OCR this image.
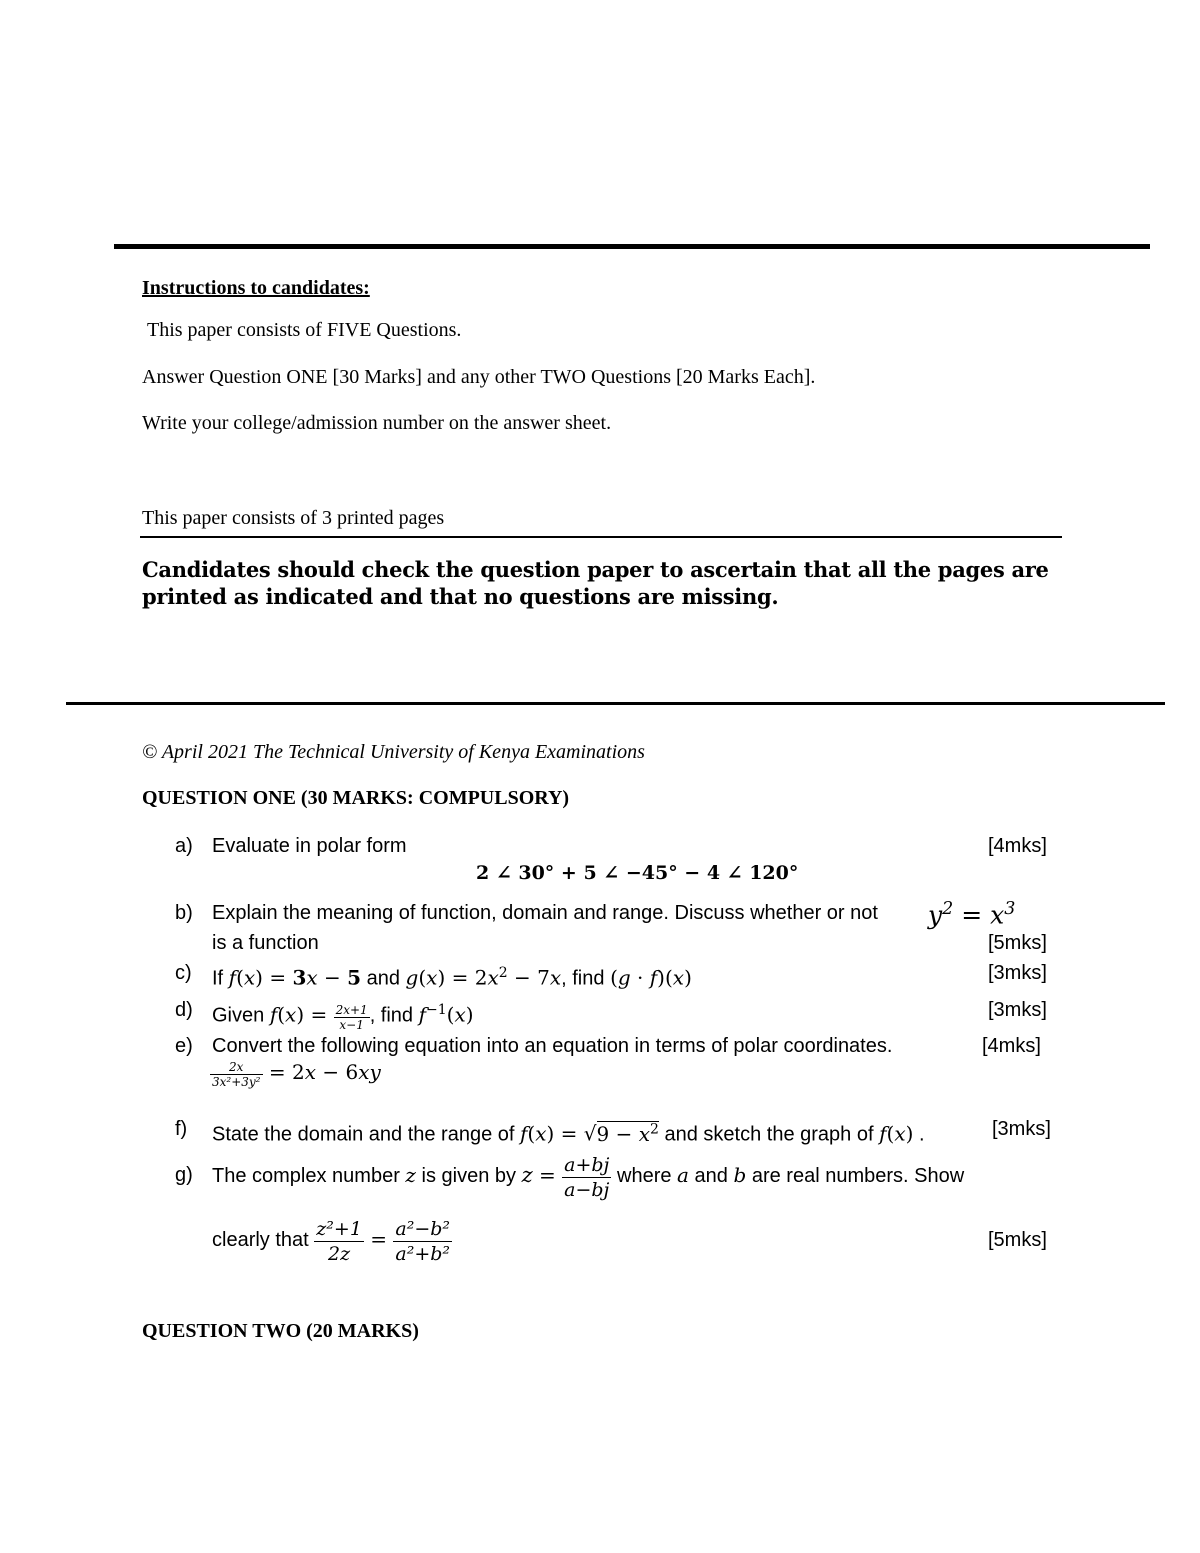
Instructions to candidates:
This paper consists of FIVE Questions.
Answer Question ONE [30 Marks] and any other TWO Questions [20 Marks Each].
Write your college/admission number on the answer sheet.
This paper consists of 3 printed pages
Candidates should check the question paper to ascertain that all the pages are printed as indicated and that no questions are missing.
© April 2021 The Technical University of Kenya Examinations
QUESTION ONE (30 MARKS: COMPULSORY)
a) Evaluate in polar form	[4mks]
2 ∠ 30° + 5 ∠ −45° − 4 ∠ 120°
b) Explain the meaning of function, domain and range. Discuss whether or not $y^2 = x^3$
is a function	[5mks]
c) If f(x) = 3x − 5 and $g(x) = 2x^2 - 7x$, find (g · f)(x)	[3mks]
d) Given $f(x) = \frac{2x+1}{x-1}$ , find $f^{-1}(x)$	[3mks]
e) Convert the following equation into an equation in terms of polar coordinates.	[4mks]
$\frac{2x}{\text{3x²+3y²}} = 2x - 6xy$
f) State the domain and the range of $f(x) = √9 - x^2$ and sketch the graph of f(x) .	[3mks]
g) The complex number z is given by $z = \frac{a+bj}{a-bj}$ where a and b are real numbers. Show
clearly that $\frac{\text{z²+1}}{2z} = \frac{\text{a²−b²}}{\text{a²+b²}}$	[5mks]
QUESTION TWO (20 MARKS)
